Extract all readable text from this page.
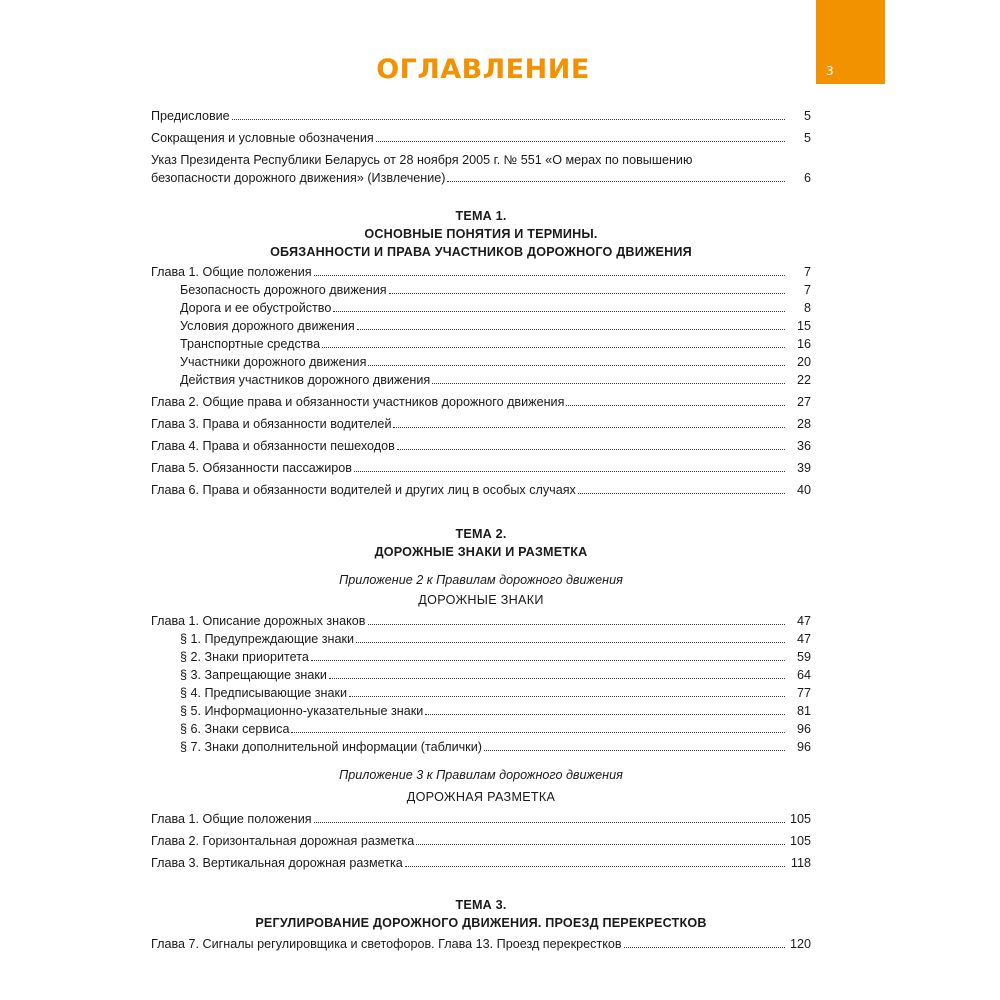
3
ОГЛАВЛЕНИЕ
Предисловие	5
Сокращения и условные обозначения	5
Указ Президента Республики Беларусь от 28 ноября 2005 г. № 551 «О мерах по повышению
безопасности дорожного движения» (Извлечение)	6
ТЕМА 1.
ОСНОВНЫЕ ПОНЯТИЯ И ТЕРМИНЫ.
ОБЯЗАННОСТИ И ПРАВА УЧАСТНИКОВ ДОРОЖНОГО ДВИЖЕНИЯ
Глава 1. Общие положения	7
Безопасность дорожного движения	7
Дорога и ее обустройство	8
Условия дорожного движения	15
Транспортные средства	16
Участники дорожного движения	20
Действия участников дорожного движения	22
Глава 2. Общие права и обязанности участников дорожного движения	27
Глава 3. Права и обязанности водителей	28
Глава 4. Права и обязанности пешеходов	36
Глава 5. Обязанности пассажиров	39
Глава 6. Права и обязанности водителей и других лиц в особых случаях	40
ТЕМА 2.
ДОРОЖНЫЕ ЗНАКИ И РАЗМЕТКА
Приложение 2 к Правилам дорожного движения
ДОРОЖНЫЕ ЗНАКИ
Глава 1. Описание дорожных знаков	47
§ 1. Предупреждающие знаки	47
§ 2. Знаки приоритета	59
§ 3. Запрещающие знаки	64
§ 4. Предписывающие знаки	77
§ 5. Информационно-указательные знаки	81
§ 6. Знаки сервиса	96
§ 7. Знаки дополнительной информации (таблички)	96
Приложение 3 к Правилам дорожного движения
ДОРОЖНАЯ РАЗМЕТКА
Глава 1. Общие положения	105
Глава 2. Горизонтальная дорожная разметка	105
Глава 3. Вертикальная дорожная разметка	118
ТЕМА 3.
РЕГУЛИРОВАНИЕ ДОРОЖНОГО ДВИЖЕНИЯ. ПРОЕЗД ПЕРЕКРЕСТКОВ
Глава 7. Сигналы регулировщика и светофоров. Глава 13. Проезд перекрестков	120
